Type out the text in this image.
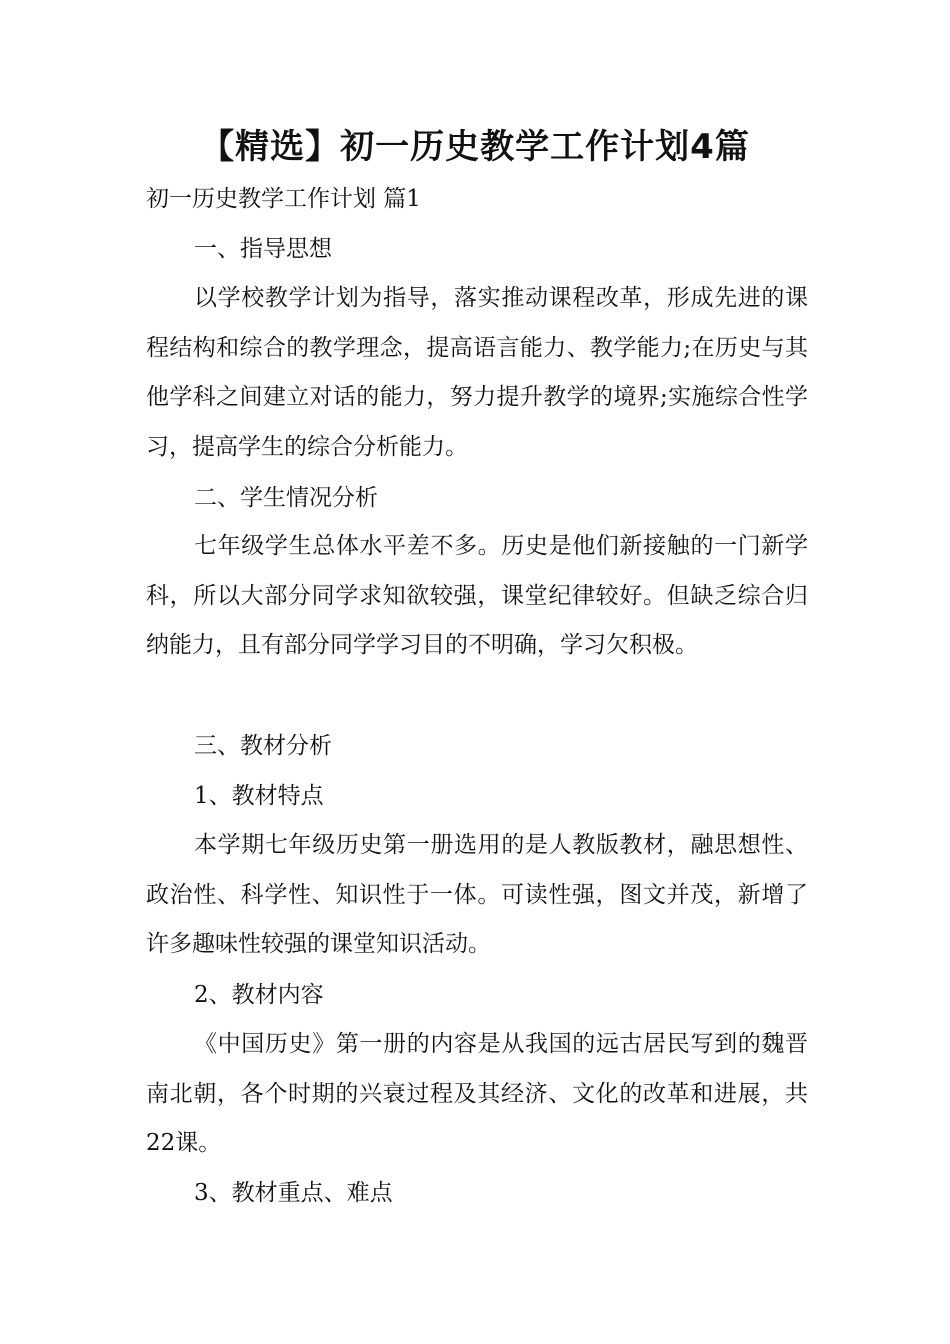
【精选】初一历史教学工作计划4篇

初一历史教学工作计划 篇1

一、指导思想

以学校教学计划为指导，落实推动课程改革，形成先进的课程结构和综合的教学理念，提高语言能力、教学能力;在历史与其他学科之间建立对话的能力，努力提升教学的境界;实施综合性学习，提高学生的综合分析能力。

二、学生情况分析

七年级学生总体水平差不多。历史是他们新接触的一门新学科，所以大部分同学求知欲较强，课堂纪律较好。但缺乏综合归纳能力，且有部分同学学习目的不明确，学习欠积极。

三、教材分析

1、教材特点

本学期七年级历史第一册选用的是人教版教材，融思想性、政治性、科学性、知识性于一体。可读性强，图文并茂，新增了许多趣味性较强的课堂知识活动。

2、教材内容

《中国历史》第一册的内容是从我国的远古居民写到的魏晋南北朝，各个时期的兴衰过程及其经济、文化的改革和进展，共22课。

3、教材重点、难点
